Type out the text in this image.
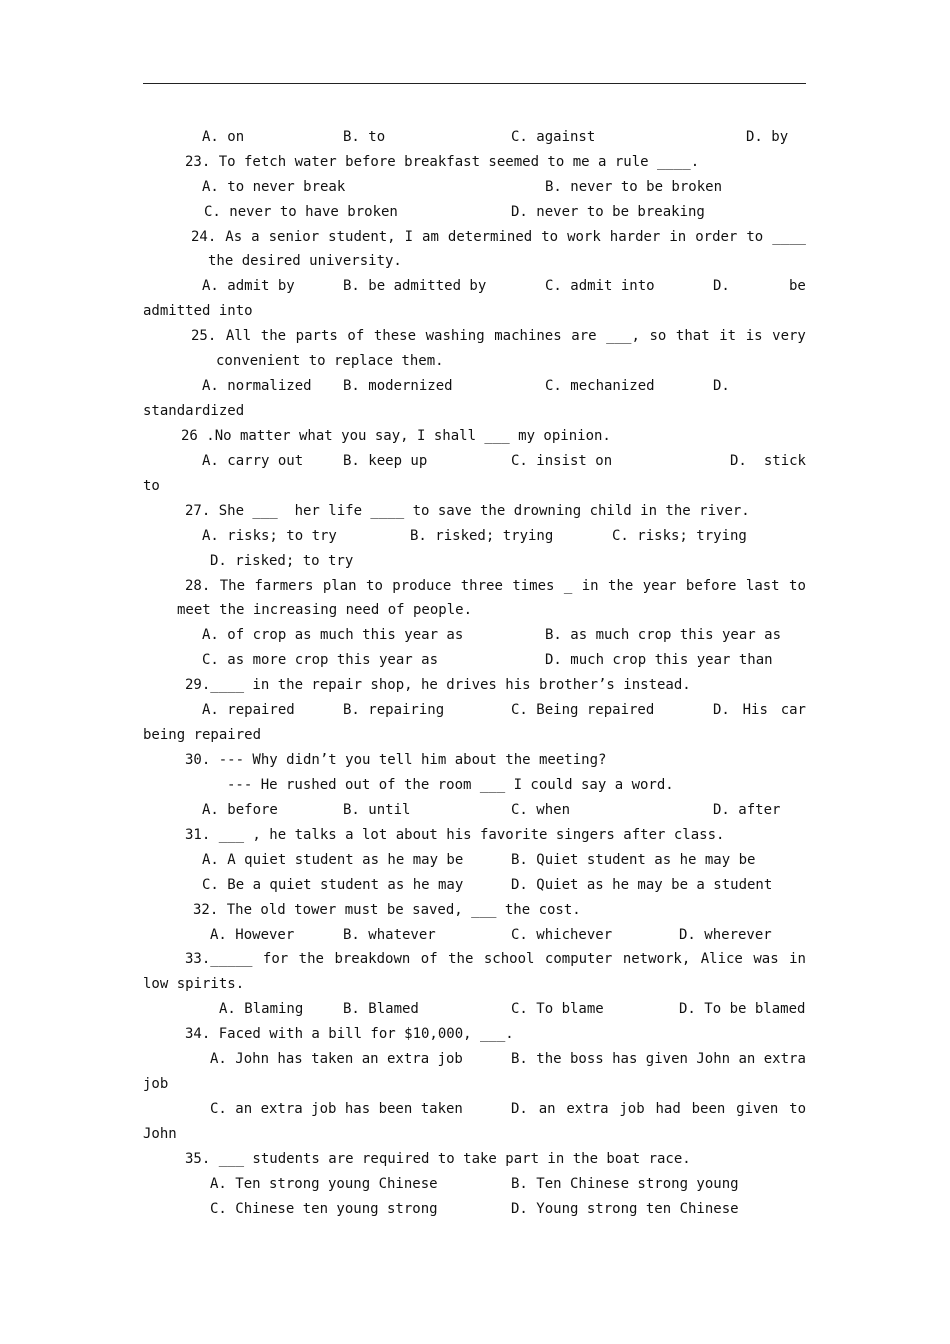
A. on	B. to	C. against	D. by
23. To fetch water before breakfast seemed to me a rule ____.
A. to never break	B. never to be broken
C. never to have broken	D. never to be breaking
24. As a senior student, I am determined to work harder in order to ____
the desired university.
A. admit by	B. be admitted by	C. admit into	D.	be
admitted into
25. All the parts of these washing machines are ___, so that it is very
convenient to replace them.
A. normalized B. modernized	C. mechanized	D.
standardized
26 .No matter what you say, I shall ___ my opinion.
A. carry out	B. keep up	C. insist on	D. stick
to
27. She ___  her life ____ to save the drowning child in the river.
A. risks; to try	B. risked; trying	C. risks; trying
D. risked; to try
28. The farmers plan to produce three times _ in the year before last to
meet the increasing need of people.
A. of crop as much this year as	B. as much crop this year as
C. as more crop this year as	D. much crop this year than
29.____ in the repair shop, he drives his brother’s instead.
A. repaired	B. repairing	C. Being repaired	D. His car
being repaired
30. --- Why didn’t you tell him about the meeting?
--- He rushed out of the room ___ I could say a word.
A. before	B. until	C. when	D. after
31. ___ , he talks a lot about his favorite singers after class.
A. A quiet student as he may be	B. Quiet student as he may be
C. Be a quiet student as he may	D. Quiet as he may be a student
32. The old tower must be saved, ___ the cost.
A. However	B. whatever	C. whichever	D. wherever
33._____ for the breakdown of the school computer network, Alice was in
low spirits.
A. Blaming	B. Blamed	C. To blame	D. To be blamed
34. Faced with a bill for $10,000, ___.
A. John has taken an extra job	B. the boss has given John an extra
job
C. an extra job has been taken	D. an extra job had been given to
John
35. ___ students are required to take part in the boat race.
A. Ten strong young Chinese	B. Ten Chinese strong young
C. Chinese ten young strong	D. Young strong ten Chinese
